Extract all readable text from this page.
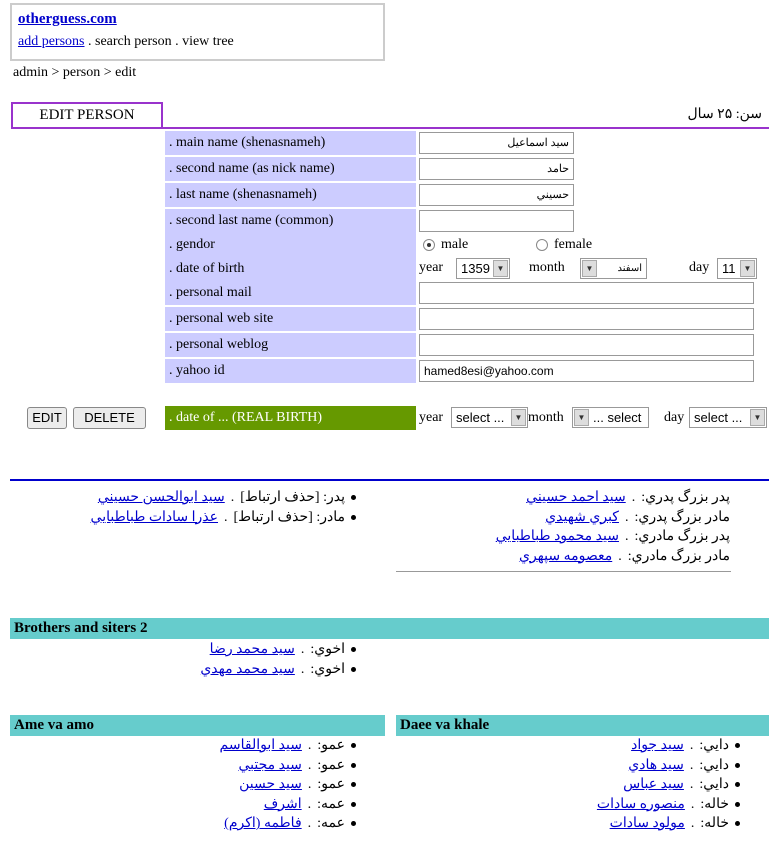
otherguess.com
add persons . search person . view tree
admin > person > edit
EDIT PERSON	سن: ۲۵ سال
. main name (shenasnameh)	سيد اسماعيل
. second name (as nick name)	حامد
. last name (shenasnameh)	حسيني
. second last name (common)
. gendor	male	female
. date of birth	year	1359 ▼ month	▼	اسفند	day 11	▼
. personal mail
. personal web site
. personal weblog
. yahoo id	hamed8esi@yahoo.com
EDIT	DELETE	. date of ... (REAL BIRTH)	year select ...	▼ month	▼ ... select	day select ...	▼
پدر: [حذف ارتباط].سيد ابوالحسن حسيني
مادر: [حذف ارتباط].عذرا سادات طباطبايي
پدر بزرگ پدري:.سيد احمد حسيني
مادر بزرگ پدري:.کبري شهيدي
پدر بزرگ مادري:.سيد محمود طباطبايي
مادر بزرگ مادري:.معصومه سپهري
Brothers and siters 2
اخوي:.سيد محمد رضا
اخوي:.سيد محمد مهدي
Ame va amo
عمو:.سيد ابوالقاسم
عمو:.سيد مجتبي
عمو:.سيد حسين
عمه:.اشرف
عمه:.فاطمه (اکرم)
Daee va khale
دايي:.سيد جواد
دايي:.سيد هادي
دايي:.سيد عباس
خاله:.منصوره سادات
خاله:.مولود سادات
